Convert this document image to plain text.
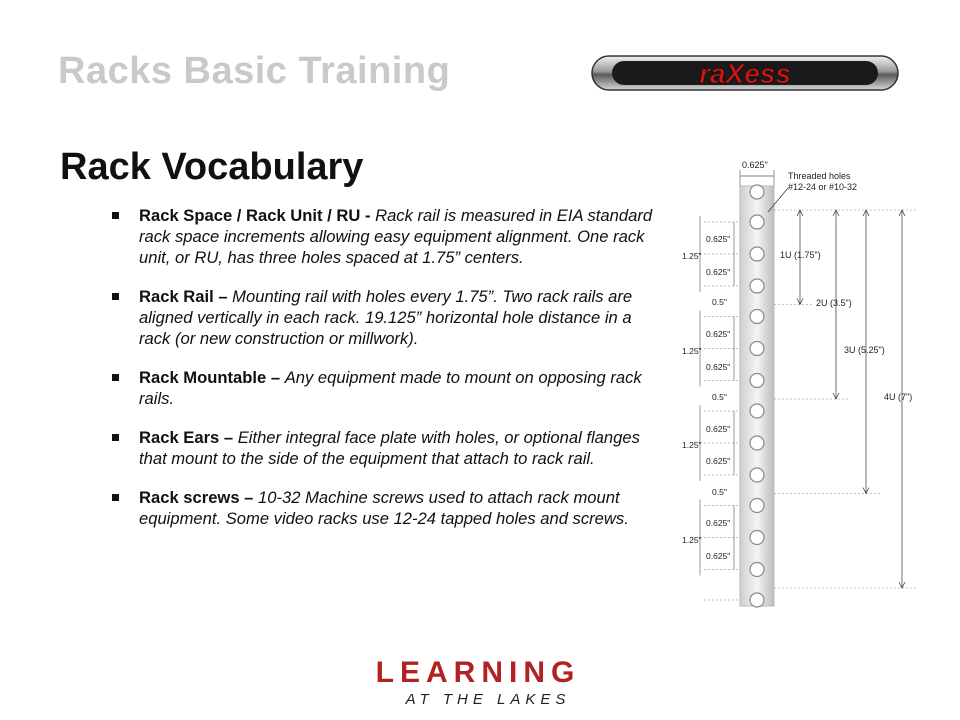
Racks Basic Training	raXess
Rack Vocabulary
Rack Space / Rack Unit / RU - Rack rail is measured in EIA standard rack space increments allowing easy equipment alignment. One rack unit, or RU, has three holes spaced at 1.75” centers.
Rack Rail – Mounting rail with holes every 1.75”. Two rack rails are aligned vertically in each rack. 19.125” horizontal hole distance in a rack (or new construction or millwork).
Rack Mountable – Any equipment made to mount on opposing rack rails.
Rack Ears – Either integral face plate with holes, or optional flanges that mount to the side of the equipment that attach to rack rail.
Rack screws – 10-32 Machine screws used to attach rack mount equipment. Some video racks use 12-24 tapped holes and screws.
0.625"
Threaded holes
#12-24 or #10-32
1U (1.75")
2U (3.5")
3U (5.25")
4U (7")
0.625"
1.25"
0.625"
0.5"
0.625"
1.25"
0.625"
0.5"
0.625"
1.25"
0.625"
0.5"
0.625"
1.25"
0.625"
LEARNING
AT THE LAKES
